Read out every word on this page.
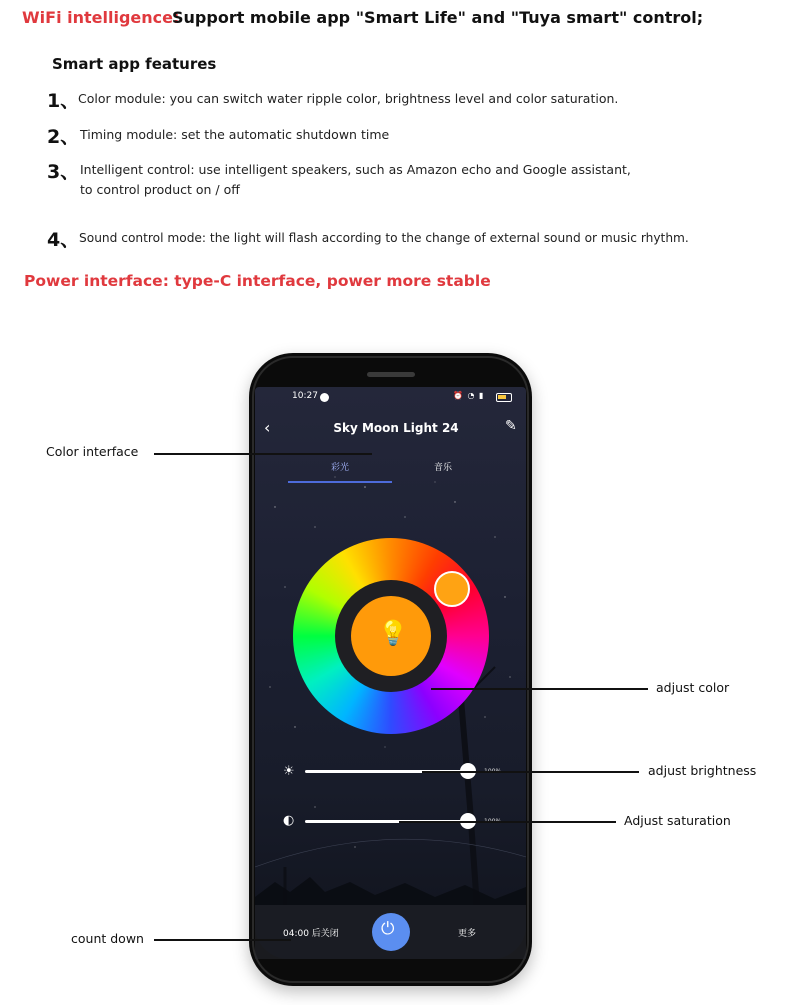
WiFi intelligence:
Support mobile app "Smart Life" and "Tuya smart" control;
Smart app features
1、
Color module: you can switch water ripple color, brightness level and color saturation.
2、 Timing module: set the automatic shutdown time
3、 Intelligent control: use intelligent speakers, such as Amazon echo and Google assistant,
to control product on / off
4、 Sound control mode: the light will flash according to the change of external sound or music rhythm.
Power interface: type-C interface, power more stable
10:27	⏰ ◔ ▮
‹	Sky Moon Light 24	✎
彩光	音乐
💡
☀
◐
04:00 后关闭 ⏻	更多
Color interface
adjust color
adjust brightness
Adjust saturation
count down
